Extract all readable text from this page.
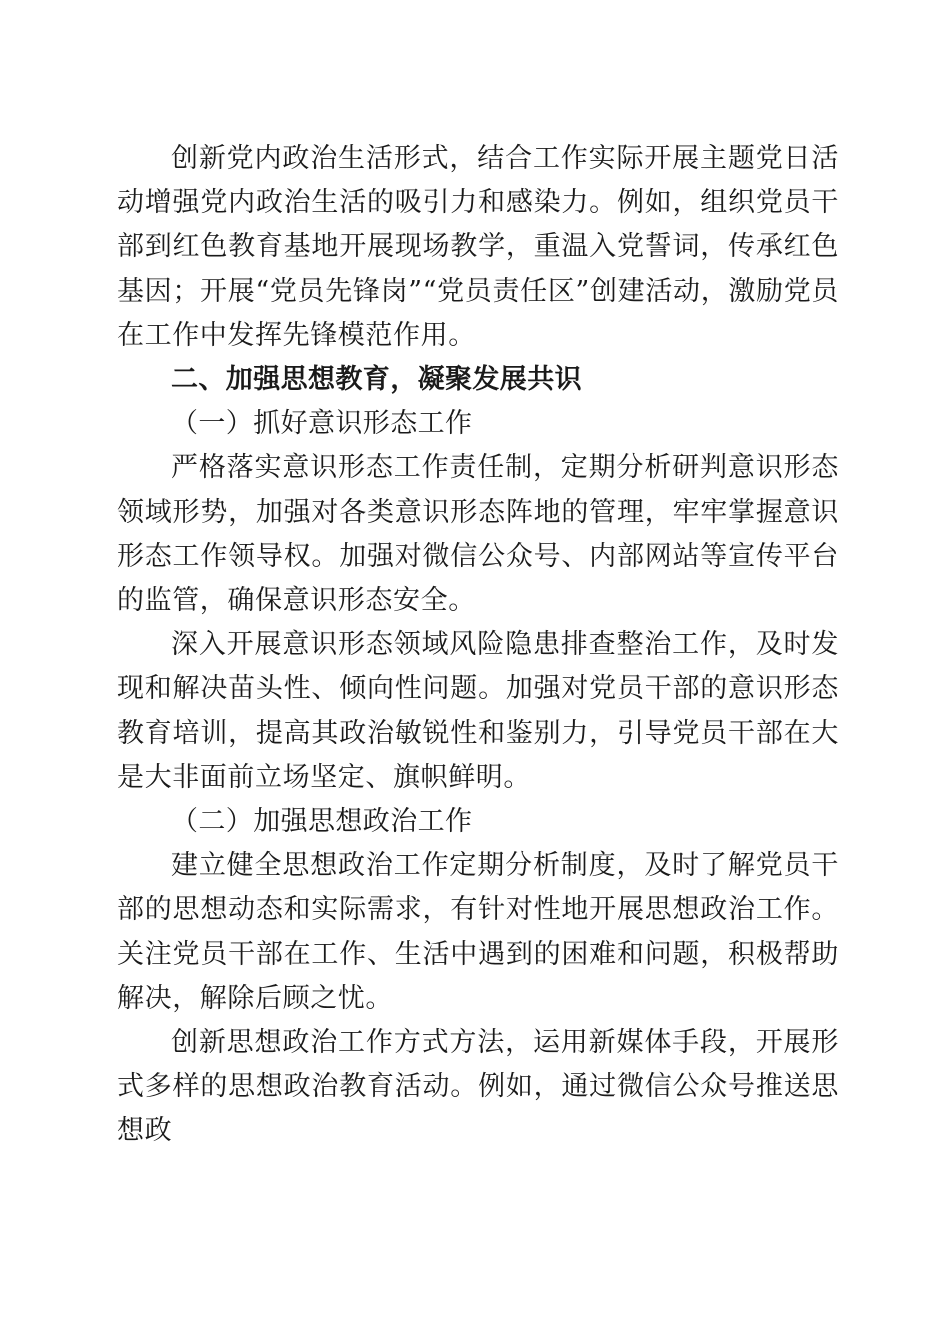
创新党内政治生活形式，结合工作实际开展主题党日活动增强党内政治生活的吸引力和感染力。例如，组织党员干部到红色教育基地开展现场教学，重温入党誓词，传承红色基因；开展“党员先锋岗”“党员责任区”创建活动，激励党员在工作中发挥先锋模范作用。

二、加强思想教育，凝聚发展共识

（一）抓好意识形态工作

严格落实意识形态工作责任制，定期分析研判意识形态领域形势，加强对各类意识形态阵地的管理，牢牢掌握意识形态工作领导权。加强对微信公众号、内部网站等宣传平台的监管，确保意识形态安全。

深入开展意识形态领域风险隐患排查整治工作，及时发现和解决苗头性、倾向性问题。加强对党员干部的意识形态教育培训，提高其政治敏锐性和鉴别力，引导党员干部在大是大非面前立场坚定、旗帜鲜明。

（二）加强思想政治工作

建立健全思想政治工作定期分析制度，及时了解党员干部的思想动态和实际需求，有针对性地开展思想政治工作。关注党员干部在工作、生活中遇到的困难和问题，积极帮助解决，解除后顾之忧。

创新思想政治工作方式方法，运用新媒体手段，开展形式多样的思想政治教育活动。例如，通过微信公众号推送思想政
